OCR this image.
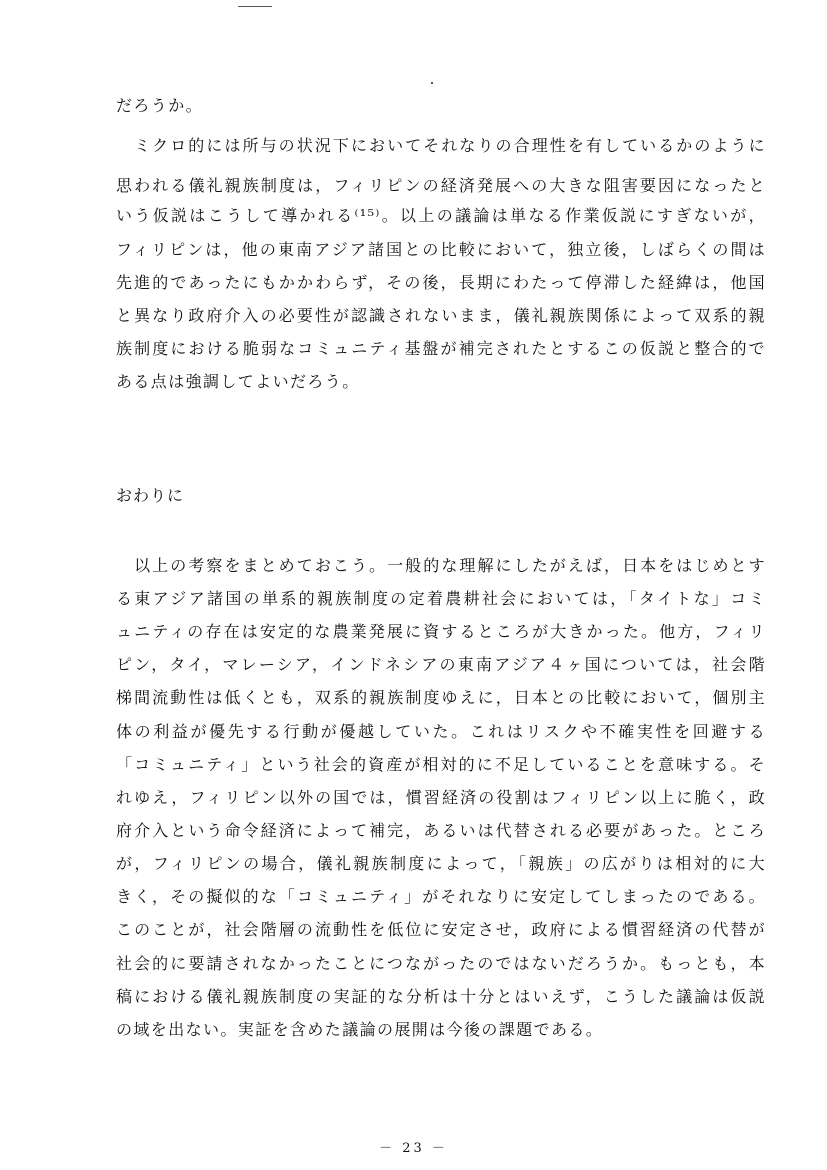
だろうか。
　ミクロ的には所与の状況下においてそれなりの合理性を有しているかのように
思われる儀礼親族制度は，フィリピンの経済発展への大きな阻害要因になったと
いう仮説はこうして導かれる⁽¹⁵⁾。以上の議論は単なる作業仮説にすぎないが，
フィリピンは，他の東南アジア諸国との比較において，独立後，しばらくの間は
先進的であったにもかかわらず，その後，長期にわたって停滞した経緯は，他国
と異なり政府介入の必要性が認識されないまま，儀礼親族関係によって双系的親
族制度における脆弱なコミュニティ基盤が補完されたとするこの仮説と整合的で
ある点は強調してよいだろう。
おわりに
　以上の考察をまとめておこう。一般的な理解にしたがえば，日本をはじめとす
る東アジア諸国の単系的親族制度の定着農耕社会においては，「タイトな」コミ
ュニティの存在は安定的な農業発展に資するところが大きかった。他方，フィリ
ピン，タイ，マレーシア，インドネシアの東南アジア４ヶ国については，社会階
梯間流動性は低くとも，双系的親族制度ゆえに，日本との比較において，個別主
体の利益が優先する行動が優越していた。これはリスクや不確実性を回避する
「コミュニティ」という社会的資産が相対的に不足していることを意味する。そ
れゆえ，フィリピン以外の国では，慣習経済の役割はフィリピン以上に脆く，政
府介入という命令経済によって補完，あるいは代替される必要があった。ところ
が，フィリピンの場合，儀礼親族制度によって，「親族」の広がりは相対的に大
きく，その擬似的な「コミュニティ」がそれなりに安定してしまったのである。
このことが，社会階層の流動性を低位に安定させ，政府による慣習経済の代替が
社会的に要請されなかったことにつながったのではないだろうか。もっとも，本
稿における儀礼親族制度の実証的な分析は十分とはいえず，こうした議論は仮説
の域を出ない。実証を含めた議論の展開は今後の課題である。
－ 23 －
